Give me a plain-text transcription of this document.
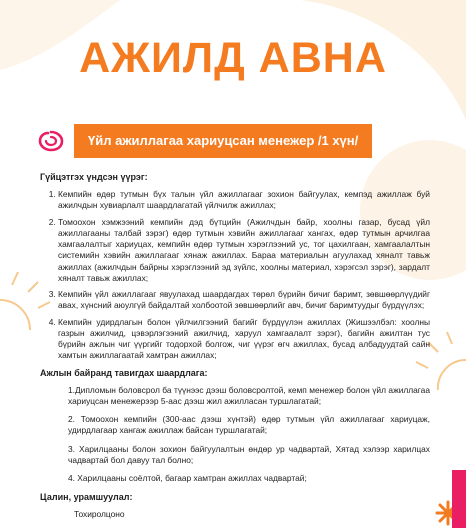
АЖИЛД АВНА
Үйл ажиллагаа хариуцсан менежер /1 хүн/
Гүйцэтгэх үндсэн үүрэг:
1. Кемпийн өдөр тутмын бүх талын үйл ажиллагааг зохион байгуулах, кемпэд ажиллаж буй ажилчдын хувиарлалт шаардлагатай үйлчилж ажиллах;
2. Томоохон хэмжээний кемпийн дэд бүтцийн (Ажилчдын байр, хоолны газар, бусад үйл ажиллагааны талбай зэрэг) өдөр тутмын хэвийн ажиллагааг хангах, өдөр тутмын арчилгаа хамгаалалтыг хариуцах, кемпийн өдөр тутмын хэрэглээний ус, тог цахилгаан, хамгаалалтын системийн хэвийн ажиллагааг хянаж ажиллах. Бараа материалын агуулахад хяналт тавьж ажиллах (ажилчдын байрны хэрэглээний эд зүйлс, хоолны материал, хэрэгсэл зэрэг), зардалт хяналт тавьж ажиллах;
3. Кемпийн үйл ажиллагааг явуулахад шаардагдах төрөл бүрийн бичиг баримт, зөвшөөрлүүдийг авах, хүнсний аюулгүй байдалтай холбоотой зөвшөөрлийг авч, бичиг баримтуудыг бүрдүүлэх;
4. Кемпийн удирдлагын болон үйлчилгээний багийг бүрдүүлэн ажиллах (Жишээлбэл: хоолны газрын ажилчид, цэвэрлэгээний ажилчид, харуул хамгаалалт зэрэг), багийн ажилтан тус бүрийн ажлын чиг үүргийг тодорхой болгож, чиг үүрэг өгч ажиллах, бусад албадуудтай сайн хамтын ажиллагаатай хамтран ажиллах;
Ажлын байранд тавигдах шаардлага:

1.Дипломын боловсрол ба түүнээс дээш боловсролтой, кемп менежер болон үйл ажиллагаа хариуцсан менежерээр 5-аас дээш жил ажилласан туршлагатай;

2. Томоохон кемпийн (300-аас дээш хүнтэй) өдөр тутмын үйл ажиллагааг хариуцаж, удирдлагаар хангаж ажиллаж байсан туршлагатай;

3. Харилцааны болон зохион байгуулалтын өндөр ур чадвартай, Хятад хэлээр харилцах чадвартай бол давуу тал болно;

4. Харилцааны соёлтой, багаар хамтран ажиллах чадвартай;

Цалин, урамшуулал:
Тохиролцоно
